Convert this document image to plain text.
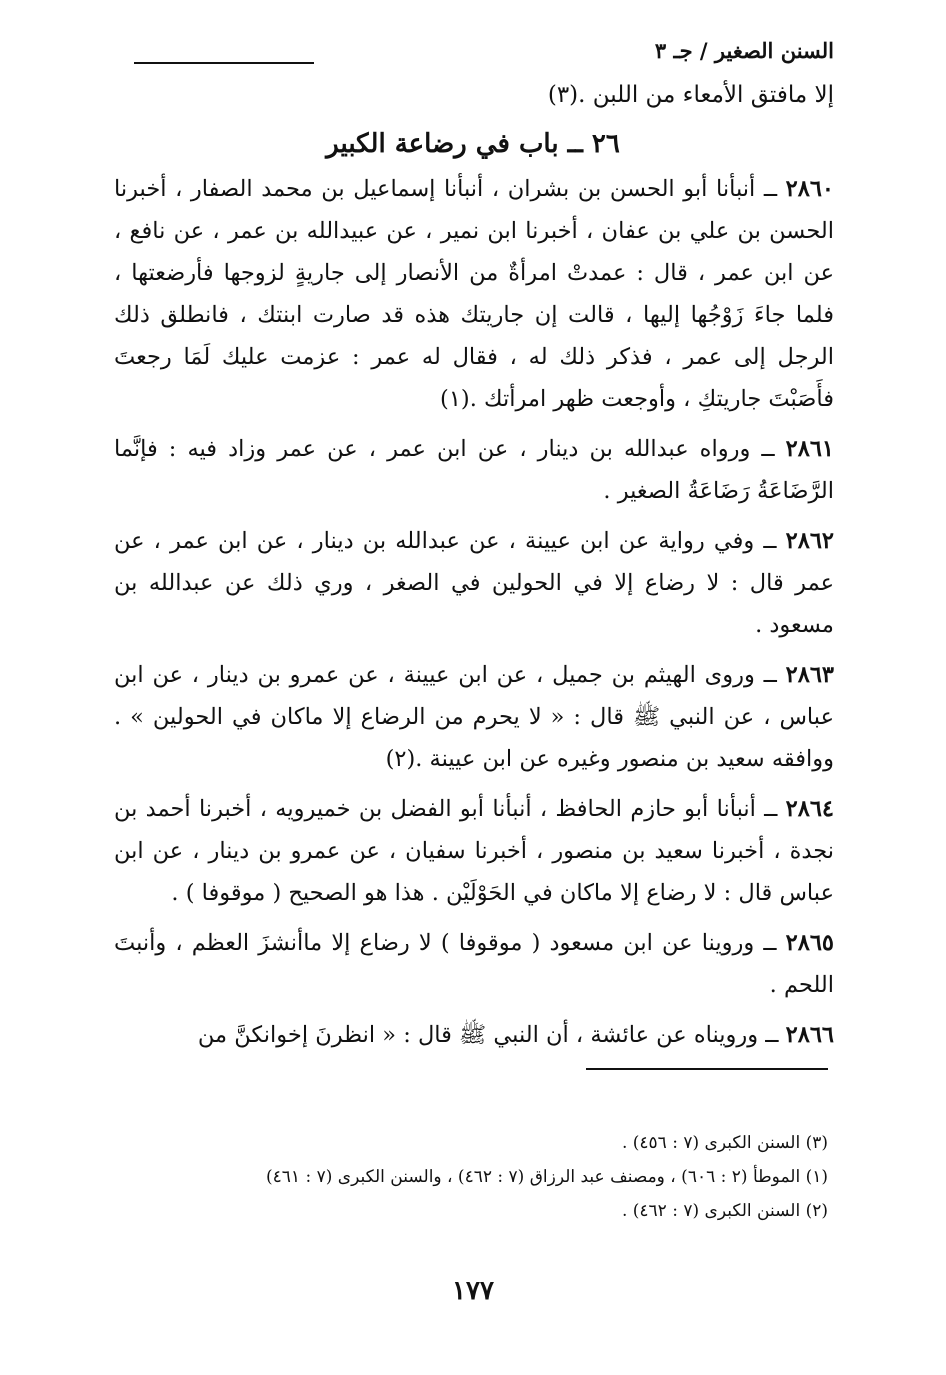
السنن الصغير / جـ ٣
إلا مافتق الأمعاء من اللبن .(٣)
٢٦ ــ باب في رضاعة الكبير

٢٨٦٠ ــ أنبأنا أبو الحسن بن بشران ، أنبأنا إسماعيل بن محمد الصفار ، أخبرنا الحسن بن علي بن عفان ، أخبرنا ابن نمير ، عن عبيدالله بن عمر ، عن نافع ، عن ابن عمر ، قال : عمدتْ امرأةٌ من الأنصار إلى جاريةٍ لزوجها فأرضعتها ، فلما جاءَ زَوْجُها إليها ، قالت إن جاريتك هذه قد صارت ابنتك ، فانطلق ذلك الرجل إلى عمر ، فذكر ذلك له ، فقال له عمر : عزمت عليك لَمَا رجعتَ فأَصَبْتَ جاريتكِ ، وأوجعت ظهر امرأتك .(١)

٢٨٦١ ــ ورواه عبدالله بن دينار ، عن ابن عمر ، عن عمر وزاد فيه : فإنَّما الرَّضَاعَةُ رَضَاعَةُ الصغير .

٢٨٦٢ ــ وفي رواية عن ابن عيينة ، عن عبدالله بن دينار ، عن ابن عمر ، عن عمر قال : لا رضاع إلا في الحولين في الصغر ، وري ذلك عن عبدالله بن مسعود .

٢٨٦٣ ــ وروى الهيثم بن جميل ، عن ابن عيينة ، عن عمرو بن دينار ، عن ابن عباس ، عن النبي ﷺ قال : « لا يحرم من الرضاع إلا ماكان في الحولين » . ووافقه سعيد بن منصور وغيره عن ابن عيينة .(٢)

٢٨٦٤ ــ أنبأنا أبو حازم الحافظ ، أنبأنا أبو الفضل بن خميرويه ، أخبرنا أحمد بن نجدة ، أخبرنا سعيد بن منصور ، أخبرنا سفيان ، عن عمرو بن دينار ، عن ابن عباس قال : لا رضاع إلا ماكان في الحَوْلَيْن . هذا هو الصحيح ( موقوفا ) .

٢٨٦٥ ــ وروينا عن ابن مسعود ( موقوفا ) لا رضاع إلا ماأنشزَ العظم ، وأنبتَ اللحم .

٢٨٦٦ ــ ورويناه عن عائشة ، أن النبي ﷺ قال : « انظرنَ إخوانكنَّ من

(٣) السنن الكبرى (٧ : ٤٥٦) .
(١) الموطأ (٢ : ٦٠٦) ، ومصنف عبد الرزاق (٧ : ٤٦٢) ، والسنن الكبرى (٧ : ٤٦١)
(٢) السنن الكبرى (٧ : ٤٦٢) .
١٧٧
